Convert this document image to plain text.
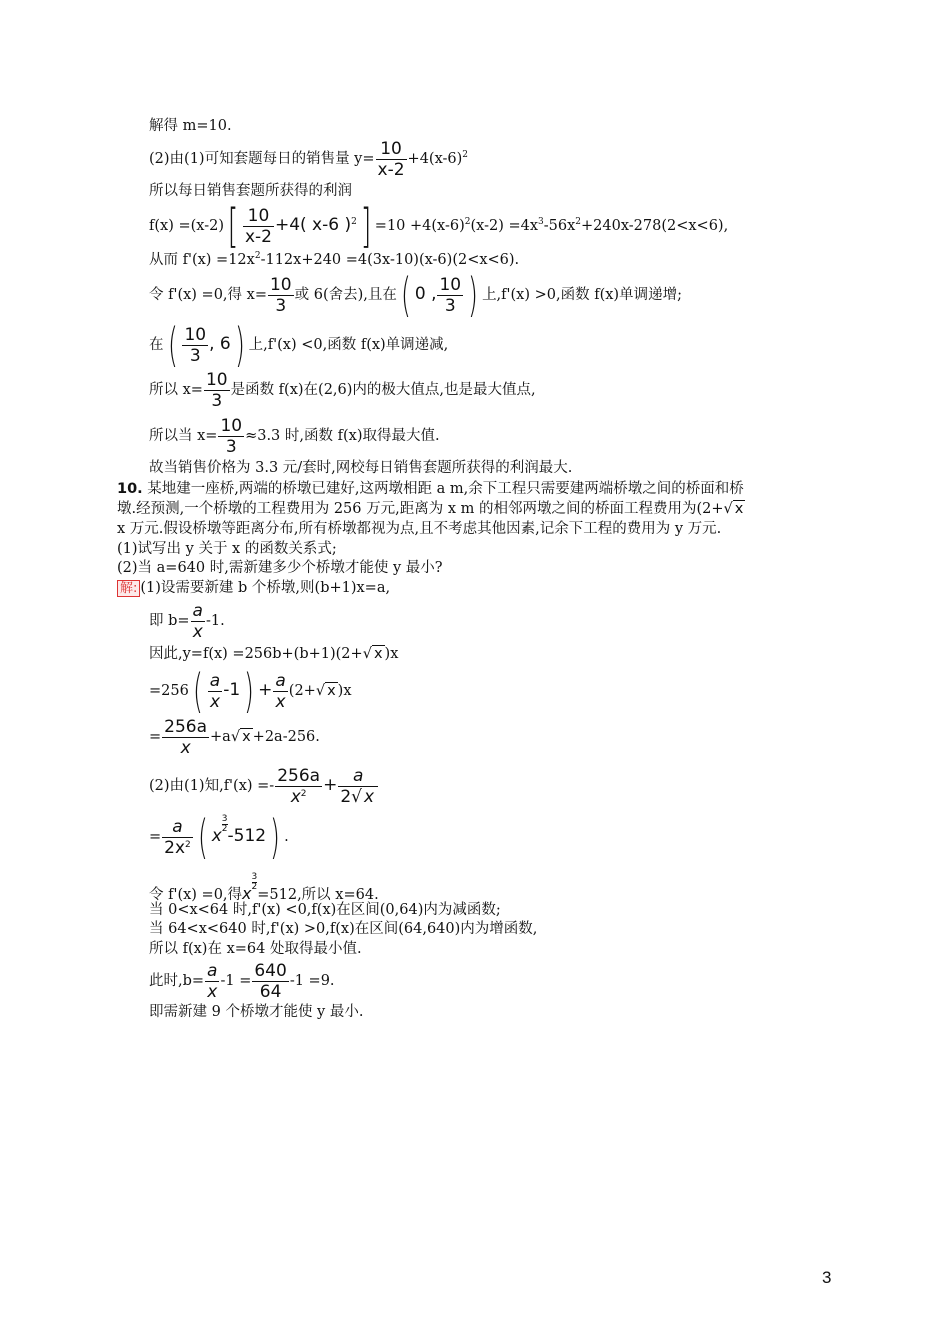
解得 m=10.
(2)由(1)可知套题每日的销售量 $y= \frac{10}{x-2} +4(x-6)^2$
所以每日销售套题所获得的利润
$f(x) =(x-2)[ \frac{10}{x-2} +4$( x-6 )$^2] =10 +4(x-6)^2(x-2) =4x^3-56x^2+240x-278(2<x<6)$,
从而 $f'(x) =12x^2-112x+240 =4(3x-10)(x-6)(2<x<6)$.
令 f'(x) =0,得 $x= \frac{10}{3}$ 或 6(舍去),且在( 0 , $\frac{10}{3}$ ) 上,f'(x) >0,函数 f(x)单调递增;
在( $\frac{10}{3}$ , 6) 上,f'(x) <0,函数 f(x)单调递减,
所以 $x= \frac{10}{3}$ 是函数 f(x)在(2,6)内的极大值点,也是最大值点,
所以当 $x= \frac{10}{3} \approx 3.3$ 时,函数 f(x)取得最大值.
故当销售价格为 3.3 元/套时,网校每日销售套题所获得的利润最大.
10. 某地建一座桥,两端的桥墩已建好,这两墩相距 a m,余下工程只需要建两端桥墩之间的桥面和桥
墩.经预测,一个桥墩的工程费用为 256 万元,距离为 x m 的相邻两墩之间的桥面工程费用为(2+√ x
x 万元.假设桥墩等距离分布,所有桥墩都视为点,且不考虑其他因素,记余下工程的费用为 y 万元.
(1)试写出 y 关于 x 的函数关系式;
(2)当 a=640 时,需新建多少个桥墩才能使 y 最小?
解: (1)设需要新建 b 个桥墩,则(b+1)x=a,
即 $b= \frac{a}{x} -1$.
因此,y=f(x) =256b+(b+1)(2+√ x )x
$=256( \frac{a}{x} -1) + \frac{a}{x} (2+√$ x )x
= $\frac{256a}{x} +a√$ x +2a-256.
(2)由(1)知$,f'(x) =- \frac{256a}{x^2} + \frac{a}{2√ x}$
= $\frac{a}{2x^2}$ ( x
$\frac{3}{2}$
-512) .
令 f'(x) =0,得x
$\frac{3}{2}$
=512,所以 x=64.
当 0<x<64 时,f'(x) <0,f(x)在区间(0,64)内为减函数;
当 64<x<640 时,f'(x) >0,f(x)在区间(64,640)内为增函数,
所以 f(x)在 x=64 处取得最小值.
此时$,b= \frac{a}{x} -1 = \frac{640}{64} -1 =9$.
即需新建 9 个桥墩才能使 y 最小.
3
